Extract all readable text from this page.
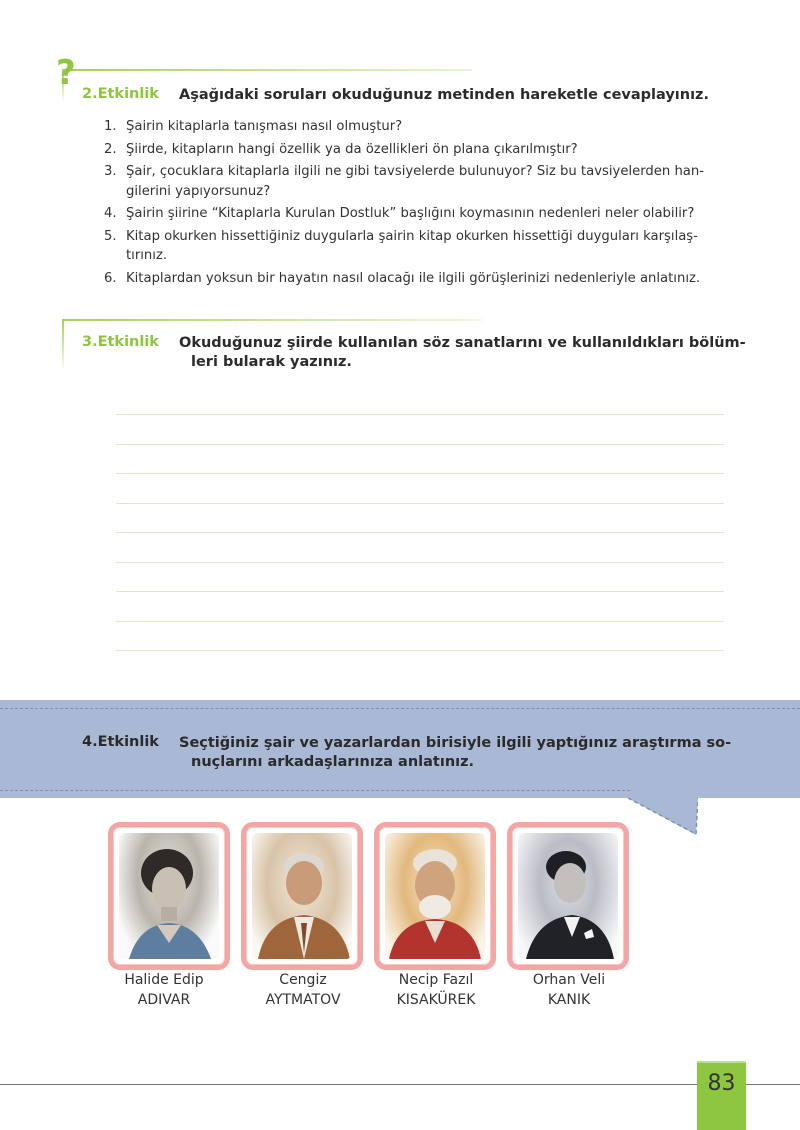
?
2.Etkinlik Aşağıdaki soruları okuduğunuz metinden hareketle cevaplayınız.
1. Şairin kitaplarla tanışması nasıl olmuştur?
2. Şiirde, kitapların hangi özellik ya da özellikleri ön plana çıkarılmıştır?
3. Şair, çocuklara kitaplarla ilgili ne gibi tavsiyelerde bulunuyor? Siz bu tavsiyelerden han-
gilerini yapıyorsunuz?
4. Şairin şiirine “Kitaplarla Kurulan Dostluk” başlığını koymasının nedenleri neler olabilir?
5. Kitap okurken hissettiğiniz duygularla şairin kitap okurken hissettiği duyguları karşılaş-
tırınız.
6. Kitaplardan yoksun bir hayatın nasıl olacağı ile ilgili görüşlerinizi nedenleriyle anlatınız.
3.Etkinlik Okuduğunuz şiirde kullanılan söz sanatlarını ve kullanıldıkları bölüm-
leri bularak yazınız.
4.Etkinlik Seçtiğiniz şair ve yazarlardan birisiyle ilgili yaptığınız araştırma so-
nuçlarını arkadaşlarınıza anlatınız.
Halide Edip
ADIVAR
Cengiz
AYTMATOV
Necip Fazıl
KISAKÜREK
Orhan Veli
KANIK
83
